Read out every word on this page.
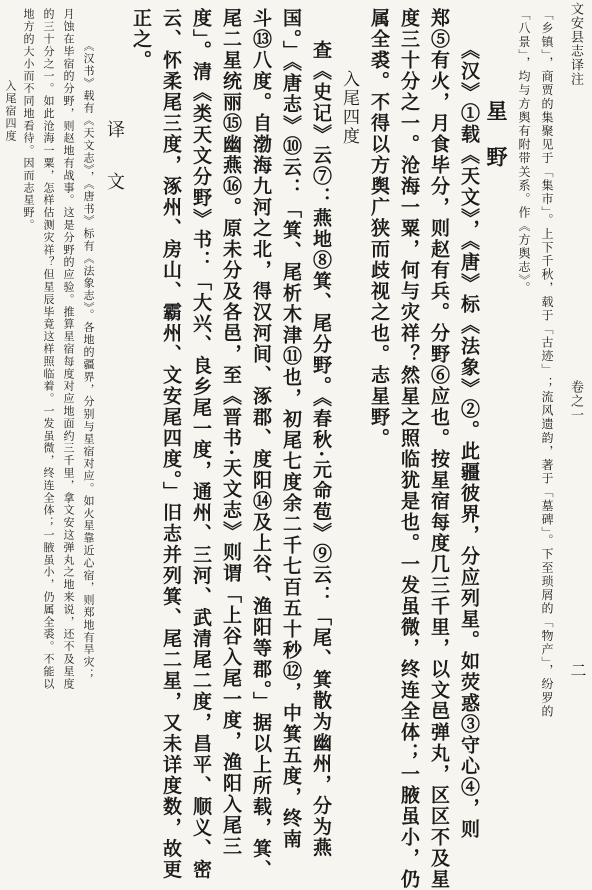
文安县志译注
卷之一
二
「乡镇」，商贾的集聚见于「集市」。上下千秋，载于「古迹」；流风遗韵，著于「墓碑」。下至琐屑的「物产」，纷罗的
「八景」，均与方舆有附带关系。作《方舆志》。
星　野
《汉》①载《天文》，《唐》标《法象》②。此疆彼界，分应列星。如荧惑③守心④，则
郑⑤有火，月食毕分，则赵有兵。分野⑥应也。按星宿每度几三千里，以文邑弹丸，区区不及星
度三十分之一。沧海一粟，何与灾祥？然星之照临犹是也。一发虽微，终连全体；一腋虽小，仍
属全裘。不得以方舆广狭而歧视之也。志星野。
入尾四度
查《史记》云⑦：燕地⑧箕、尾分野。《春秋·元命苞》⑨云：「尾、箕散为幽州，分为燕
国。」《唐志》⑩云：「箕、尾析木津⑪也，初尾七度余二千七百五十秒⑫，中箕五度，终南
斗⑬八度。自渤海九河之北，得汉河间、涿郡、度阳⑭及上谷、渔阳等郡。」据以上所载，箕、
尾二星统丽⑮幽燕⑯。原未分及各邑，至《晋书·天文志》则谓「上谷入尾一度，渔阳入尾三
度」。清《类天文分野》书：「大兴、良乡尾一度，通州、三河、武清尾二度，昌平、顺义、密
云、怀柔尾三度，涿州、房山、霸州、文安尾四度。」旧志并列箕、尾二星，又未详度数，故更
正之。
译　文
《汉书》载有《天文志》，《唐书》标有《法象志》。各地的疆界，分别与星宿对应。如火星靠近心宿，则郑地有旱灾；
月蚀在毕宿的分野，则赵地有战事。这是分野的应验。推算星宿每度对应地面约三千里，拿文安这弹丸之地来说，还不及星度
的三十分之一。如此沧海一粟，怎样估测灾祥？但星辰毕竟这样照临着。一发虽微，终连全体；一腋虽小，仍属全裘。不能以
地方的大小而不同地看待。因而志星野。
入尾宿四度
